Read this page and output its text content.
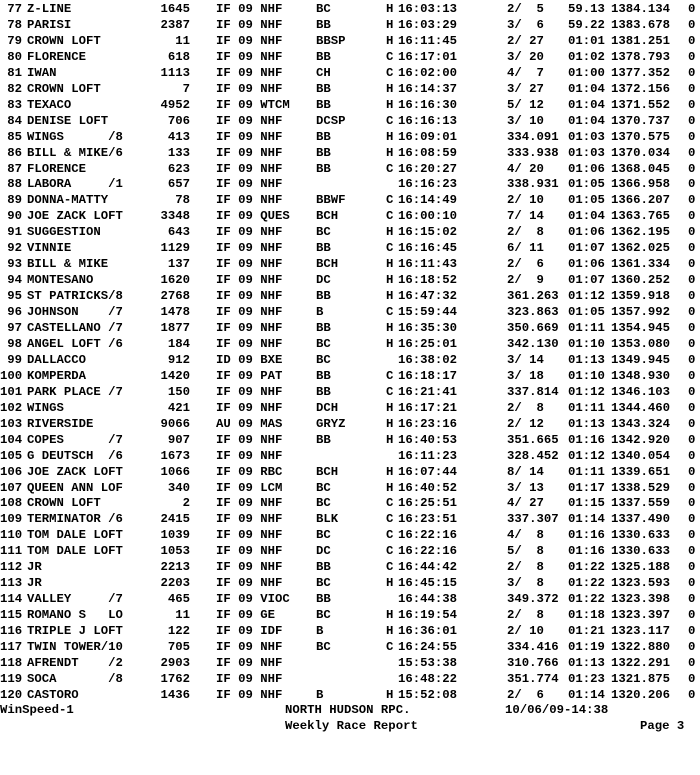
77 Z-LINE	1645 IF 09 NHF	BC	H 16:03:13	2/  5 59.13 1384.134 0
78 PARISI	2387 IF 09 NHF	BB	H 16:03:29	3/  6 59.22 1383.678 0
79 CROWN LOFT	11 IF 09 NHF	BBSP	H 16:11:45	2/ 27 01:01 1381.251 0
80 FLORENCE	618 IF 09 NHF	BB	C 16:17:01	3/ 20 01:02 1378.793 0
81 IWAN	1113 IF 09 NHF	CH	C 16:02:00	4/  7 01:00 1377.352 0
82 CROWN LOFT	7 IF 09 NHF	BB	H 16:14:37	3/ 27 01:04 1372.156 0
83 TEXACO	4952 IF 09 WTCM BB	H 16:16:30	5/ 12 01:04 1371.552 0
84 DENISE LOFT	706 IF 09 NHF	DCSP	C 16:16:13	3/ 10 01:04 1370.737 0
85 WINGS      /8	413 IF 09 NHF	BB	H 16:09:01	334.091 01:03 1370.575 0
86 BILL & MIKE/6	133 IF 09 NHF	BB	H 16:08:59	333.938 01:03 1370.034 0
87 FLORENCE	623 IF 09 NHF	BB	C 16:20:27	4/ 20 01:06 1368.045 0
88 LABORA     /1	657 IF 09 NHF	16:16:23	338.931 01:05 1366.958 0
89 DONNA-MATTY	78 IF 09 NHF	BBWF	C 16:14:49	2/ 10 01:05 1366.207 0
90 JOE ZACK LOFT	3348 IF 09 QUES BCH	C 16:00:10	7/ 14 01:04 1363.765 0
91 SUGGESTION	643 IF 09 NHF	BC	H 16:15:02	2/  8 01:06 1362.195 0
92 VINNIE	1129 IF 09 NHF	BB	C 16:16:45	6/ 11 01:07 1362.025 0
93 BILL & MIKE	137 IF 09 NHF	BCH	H 16:11:43	2/  6 01:06 1361.334 0
94 MONTESANO	1620 IF 09 NHF	DC	H 16:18:52	2/  9 01:07 1360.252 0
95 ST PATRICKS/8	2768 IF 09 NHF	BB	H 16:47:32	361.263 01:12 1359.918 0
96 JOHNSON    /7	1478 IF 09 NHF	B	C 15:59:44	323.863 01:05 1357.992 0
97 CASTELLANO /7	1877 IF 09 NHF	BB	H 16:35:30	350.669 01:11 1354.945 0
98 ANGEL LOFT /6	184 IF 09 NHF	BC	H 16:25:01	342.130 01:10 1353.080 0
99 DALLACCO	912 ID 09 BXE	BC	16:38:02	3/ 14 01:13 1349.945 0
100 KOMPERDA	1420 IF 09 PAT	BB	C 16:18:17	3/ 18 01:10 1348.930 0
101 PARK PLACE /7	150 IF 09 NHF	BB	C 16:21:41	337.814 01:12 1346.103 0
102 WINGS	421 IF 09 NHF	DCH	H 16:17:21	2/  8 01:11 1344.460 0
103 RIVERSIDE	9066 AU 09 MAS	GRYZ	H 16:23:16	2/ 12 01:13 1343.324 0
104 COPES      /7	907 IF 09 NHF	BB	H 16:40:53	351.665 01:16 1342.920 0
105 G DEUTSCH  /6	1673 IF 09 NHF	16:11:23	328.452 01:12 1340.054 0
106 JOE ZACK LOFT	1066 IF 09 RBC	BCH	H 16:07:44	8/ 14 01:11 1339.651 0
107 QUEEN ANN LOF	340 IF 09 LCM	BC	H 16:40:52	3/ 13 01:17 1338.529 0
108 CROWN LOFT	2 IF 09 NHF	BC	C 16:25:51	4/ 27 01:15 1337.559 0
109 TERMINATOR /6	2415 IF 09 NHF	BLK	C 16:23:51	337.307 01:14 1337.490 0
110 TOM DALE LOFT	1039 IF 09 NHF	BC	C 16:22:16	4/  8 01:16 1330.633 0
111 TOM DALE LOFT	1053 IF 09 NHF	DC	C 16:22:16	5/  8 01:16 1330.633 0
112 JR	2213 IF 09 NHF	BB	C 16:44:42	2/  8 01:22 1325.188 0
113 JR	2203 IF 09 NHF	BC	H 16:45:15	3/  8 01:22 1323.593 0
114 VALLEY     /7	465 IF 09 VIOC BB	16:44:38	349.372 01:22 1323.398 0
115 ROMANO S   LO	11 IF 09 GE	BC	H 16:19:54	2/  8 01:18 1323.397 0
116 TRIPLE J LOFT	122 IF 09 IDF	B	H 16:36:01	2/ 10 01:21 1323.117 0
117 TWIN TOWER/10	705 IF 09 NHF	BC	C 16:24:55	334.416 01:19 1322.880 0
118 AFRENDT    /2	2903 IF 09 NHF	15:53:38	310.766 01:13 1322.291 0
119 SOCA       /8	1762 IF 09 NHF	16:48:22	351.774 01:23 1321.875 0
120 CASTORO	1436 IF 09 NHF	B	H 15:52:08	2/  6 01:14 1320.206 0

WinSpeed-1

	NORTH HUDSON RPC.

	10/06/09-14:38

Weekly Race Report

	Page 3
